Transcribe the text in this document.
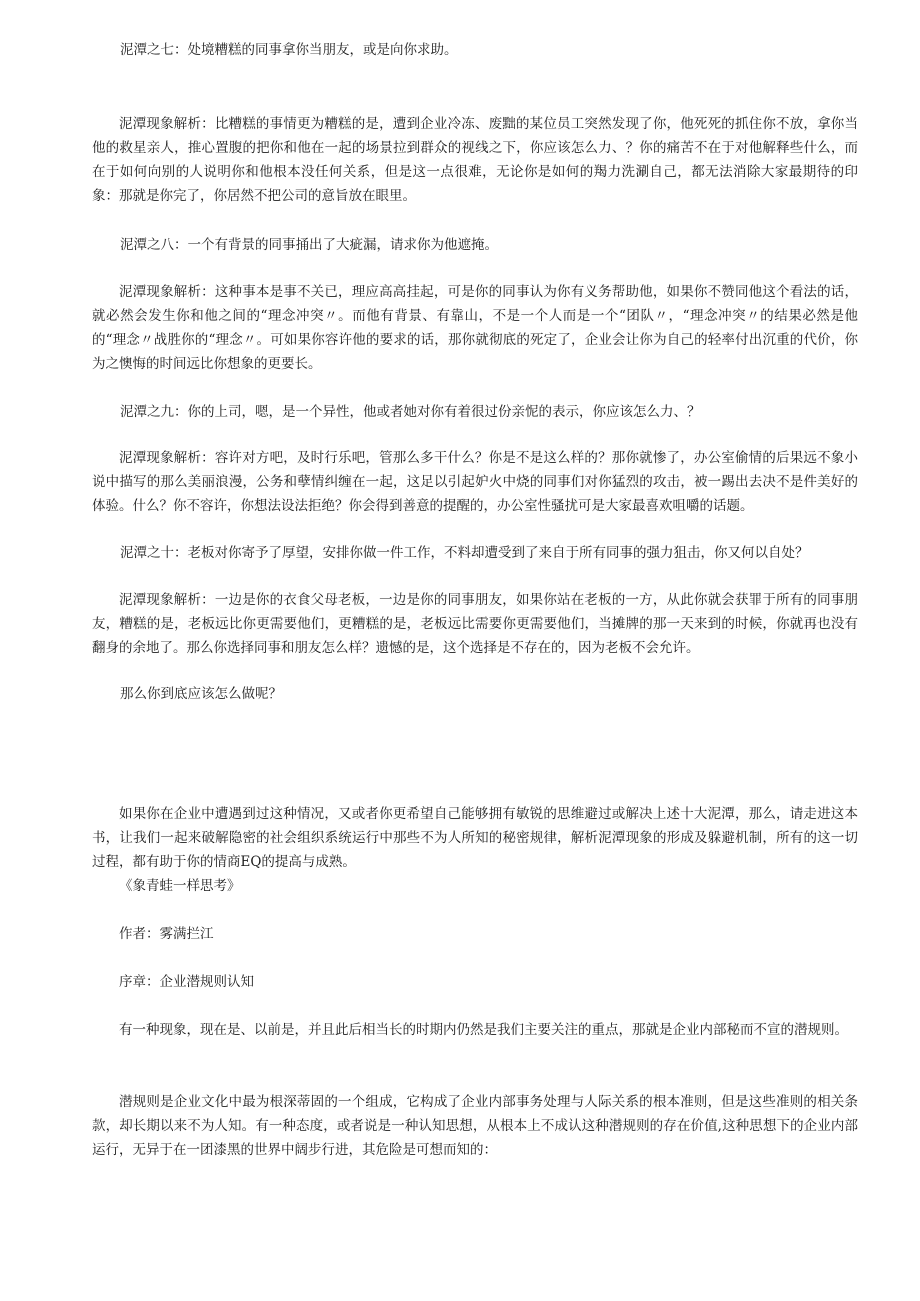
泥潭之七：处境糟糕的同事拿你当朋友，或是向你求助。

泥潭现象解析：比糟糕的事情更为糟糕的是，遭到企业冷冻、废黜的某位员工突然发现了你，他死死的抓住你不放，拿你当他的救星亲人，推心置腹的把你和他在一起的场景拉到群众的视线之下，你应该怎么力、？你的痛苦不在于对他解释些什么，而在于如何向别的人说明你和他根本没任何关系，但是这一点很难，无论你是如何的羯力洗涮自己，都无法消除大家最期待的印象：那就是你完了，你居然不把公司的意旨放在眼里。

泥潭之八：一个有背景的同事捅出了大疵漏，请求你为他遮掩。

泥潭现象解析：这种事本是事不关已，理应高高挂起，可是你的同事认为你有义务帮助他，如果你不赞同他这个看法的话，就必然会发生你和他之间的“理念冲突〃。而他有背景、有靠山，不是一个人而是一个“团队〃，“理念冲突〃的结果必然是他的“理念〃战胜你的“理念〃。可如果你容许他的要求的话，那你就彻底的死定了，企业会让你为自己的轻率付出沉重的代价，你为之懊悔的时间远比你想象的更要长。

泥潭之九：你的上司，嗯，是一个异性，他或者她对你有着很过份亲怩的表示，你应该怎么力、？

泥潭现象解析：容许对方吧，及时行乐吧，管那么多干什么？你是不是这么样的？那你就惨了，办公室偷情的后果远不象小说中描写的那么美丽浪漫，公务和孽情纠缠在一起，这足以引起妒火中烧的同事们对你猛烈的攻击，被一踢出去决不是件美好的体验。什么？你不容许，你想法设法拒绝？你会得到善意的提醒的，办公室性骚扰可是大家最喜欢咀嚼的话题。

泥潭之十：老板对你寄予了厚望，安排你做一件工作，不料却遭受到了来自于所有同事的强力狙击，你又何以自处？

泥潭现象解析：一边是你的衣食父母老板，一边是你的同事朋友，如果你站在老板的一方，从此你就会获罪于所有的同事朋友，糟糕的是，老板远比你更需要他们，更糟糕的是，老板远比需要你更需要他们，当摊牌的那一天来到的时候，你就再也没有翻身的余地了。那么你选择同事和朋友怎么样？遗憾的是，这个选择是不存在的，因为老板不会允许。

那么你到底应该怎么做呢？

如果你在企业中遭遇到过这种情况，又或者你更希望自己能够拥有敏锐的思维避过或解决上述十大泥潭，那么，请走进这本书，让我们一起来破解隐密的社会组织系统运行中那些不为人所知的秘密规律，解析泥潭现象的形成及躲避机制，所有的这一切过程，都有助于你的情商EQ的提高与成熟。

《象青蛙一样思考》

作者：雾满拦江

序章：企业潜规则认知

有一种现象，现在是、以前是，并且此后相当长的时期内仍然是我们主要关注的重点，那就是企业内部秘而不宣的潜规则。

潜规则是企业文化中最为根深蒂固的一个组成，它构成了企业内部事务处理与人际关系的根本准则，但是这些准则的相关条款，却长期以来不为人知。有一种态度，或者说是一种认知思想，从根本上不成认这种潜规则的存在价值,这种思想下的企业内部运行，无异于在一团漆黑的世界中阔步行进，其危险是可想而知的：
